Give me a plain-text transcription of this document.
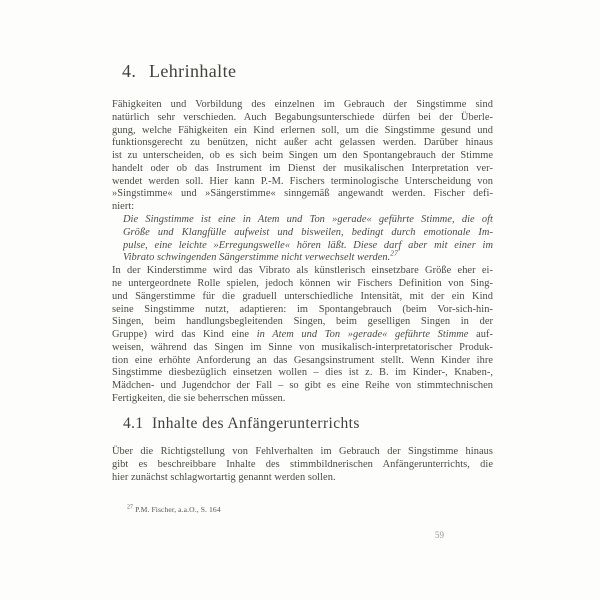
4. Lehrinhalte
Fähigkeiten und Vorbildung des einzelnen im Gebrauch der Singstimme sind
natürlich sehr verschieden. Auch Begabungsunterschiede dürfen bei der Überle-
gung, welche Fähigkeiten ein Kind erlernen soll, um die Singstimme gesund und
funktionsgerecht zu benützen, nicht außer acht gelassen werden. Darüber hinaus
ist zu unterscheiden, ob es sich beim Singen um den Spontangebrauch der Stimme
handelt oder ob das Instrument im Dienst der musikalischen Interpretation ver-
wendet werden soll. Hier kann P.-M. Fischers terminologische Unterscheidung von
»Singstimme« und »Sängerstimme« sinngemäß angewandt werden. Fischer defi-
niert:
Die Singstimme ist eine in Atem und Ton »gerade« geführte Stimme, die oft
Größe und Klangfülle aufweist und bisweilen, bedingt durch emotionale Im-
pulse, eine leichte »Erregungswelle« hören läßt. Diese darf aber mit einer im
Vibrato schwingenden Sängerstimme nicht verwechselt werden.$^{27}$
In der Kinderstimme wird das Vibrato als künstlerisch einsetzbare Größe eher ei-
ne untergeordnete Rolle spielen, jedoch können wir Fischers Definition von Sing-
und Sängerstimme für die graduell unterschiedliche Intensität, mit der ein Kind
seine Singstimme nutzt, adaptieren: im Spontangebrauch (beim Vor-sich-hin-
Singen, beim handlungsbegleitenden Singen, beim geselligen Singen in der
Gruppe) wird das Kind eine in Atem und Ton »gerade« geführte Stimme auf-
weisen, während das Singen im Sinne von musikalisch-interpretatorischer Produk-
tion eine erhöhte Anforderung an das Gesangsinstrument stellt. Wenn Kinder ihre
Singstimme diesbezüglich einsetzen wollen – dies ist z. B. im Kinder-, Knaben-,
Mädchen- und Jugendchor der Fall – so gibt es eine Reihe von stimmtechnischen
Fertigkeiten, die sie beherrschen müssen.
4.1 Inhalte des Anfängerunterrichts
Über die Richtigstellung von Fehlverhalten im Gebrauch der Singstimme hinaus
gibt es beschreibbare Inhalte des stimmbildnerischen Anfängerunterrichts, die
hier zunächst schlagwortartig genannt werden sollen.
$^{27}$ P.M. Fischer, a.a.O., S. 164
59
